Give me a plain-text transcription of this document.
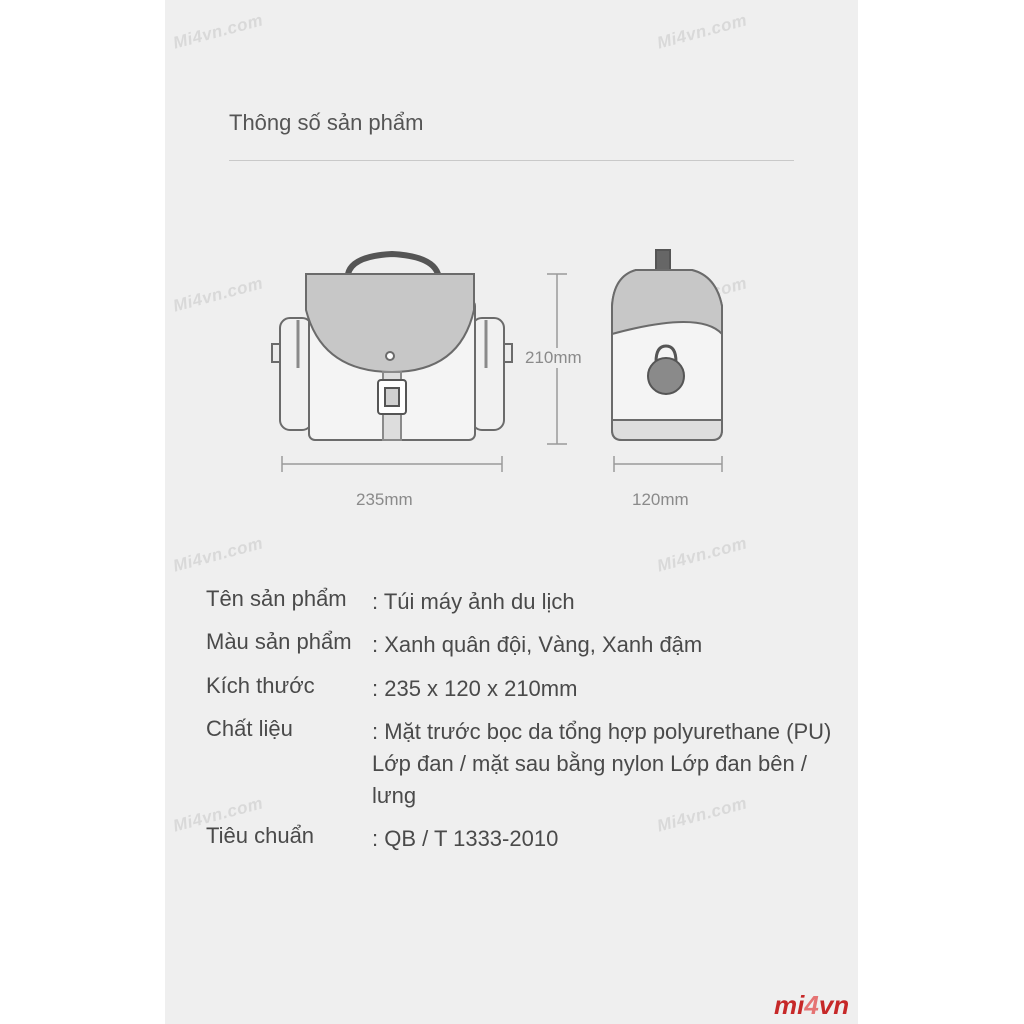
Mi4vn.com	Mi4vn.com
Mi4vn.com
Mi4vn.com	Mi4vn.com
Mi4vn.com	Mi4vn.com
Thông số sản phẩm
210mm
235mm	120mm
Tên sản phẩm : Túi máy ảnh du lịch
Màu sản phẩm : Xanh quân đội, Vàng, Xanh đậm
Kích thước	: 235 x 120 x 210mm
Chất liệu	: Mặt trước bọc da tổng hợp polyurethane (PU) Lớp đan / mặt sau bằng nylon Lớp đan bên / lưng
Tiêu chuẩn	: QB / T 1333-2010
mi4vn
